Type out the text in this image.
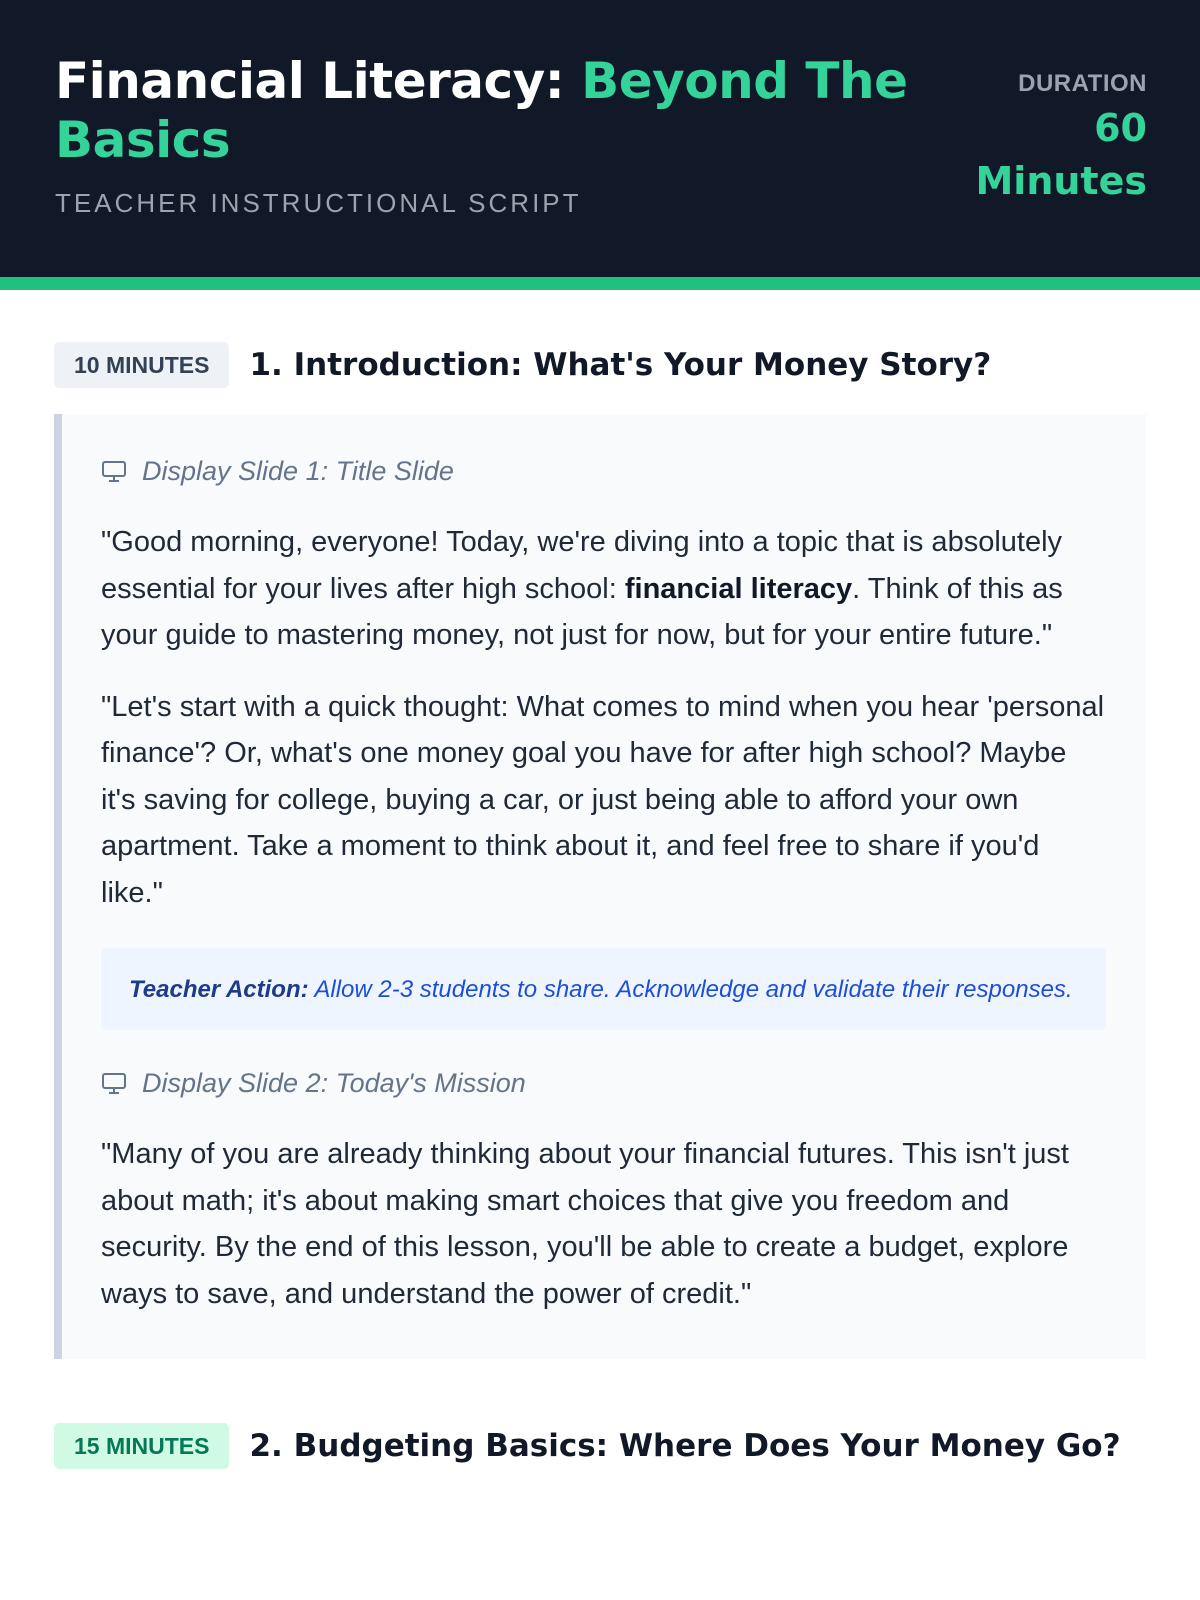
Financial Literacy: Beyond The Basics
TEACHER INSTRUCTIONAL SCRIPT
DURATION
60 Minutes
10 MINUTES	1. Introduction: What's Your Money Story?
Display Slide 1: Title Slide

"Good morning, everyone! Today, we're diving into a topic that is absolutely essential for your lives after high school: financial literacy. Think of this as your guide to mastering money, not just for now, but for your entire future."

"Let's start with a quick thought: What comes to mind when you hear 'personal finance'? Or, what's one money goal you have for after high school? Maybe it's saving for college, buying a car, or just being able to afford your own apartment. Take a moment to think about it, and feel free to share if you'd like."

Teacher Action: Allow 2-3 students to share. Acknowledge and validate their responses.
Display Slide 2: Today's Mission

"Many of you are already thinking about your financial futures. This isn't just about math; it's about making smart choices that give you freedom and security. By the end of this lesson, you'll be able to create a budget, explore ways to save, and understand the power of credit."

15 MINUTES	2. Budgeting Basics: Where Does Your Money Go?
